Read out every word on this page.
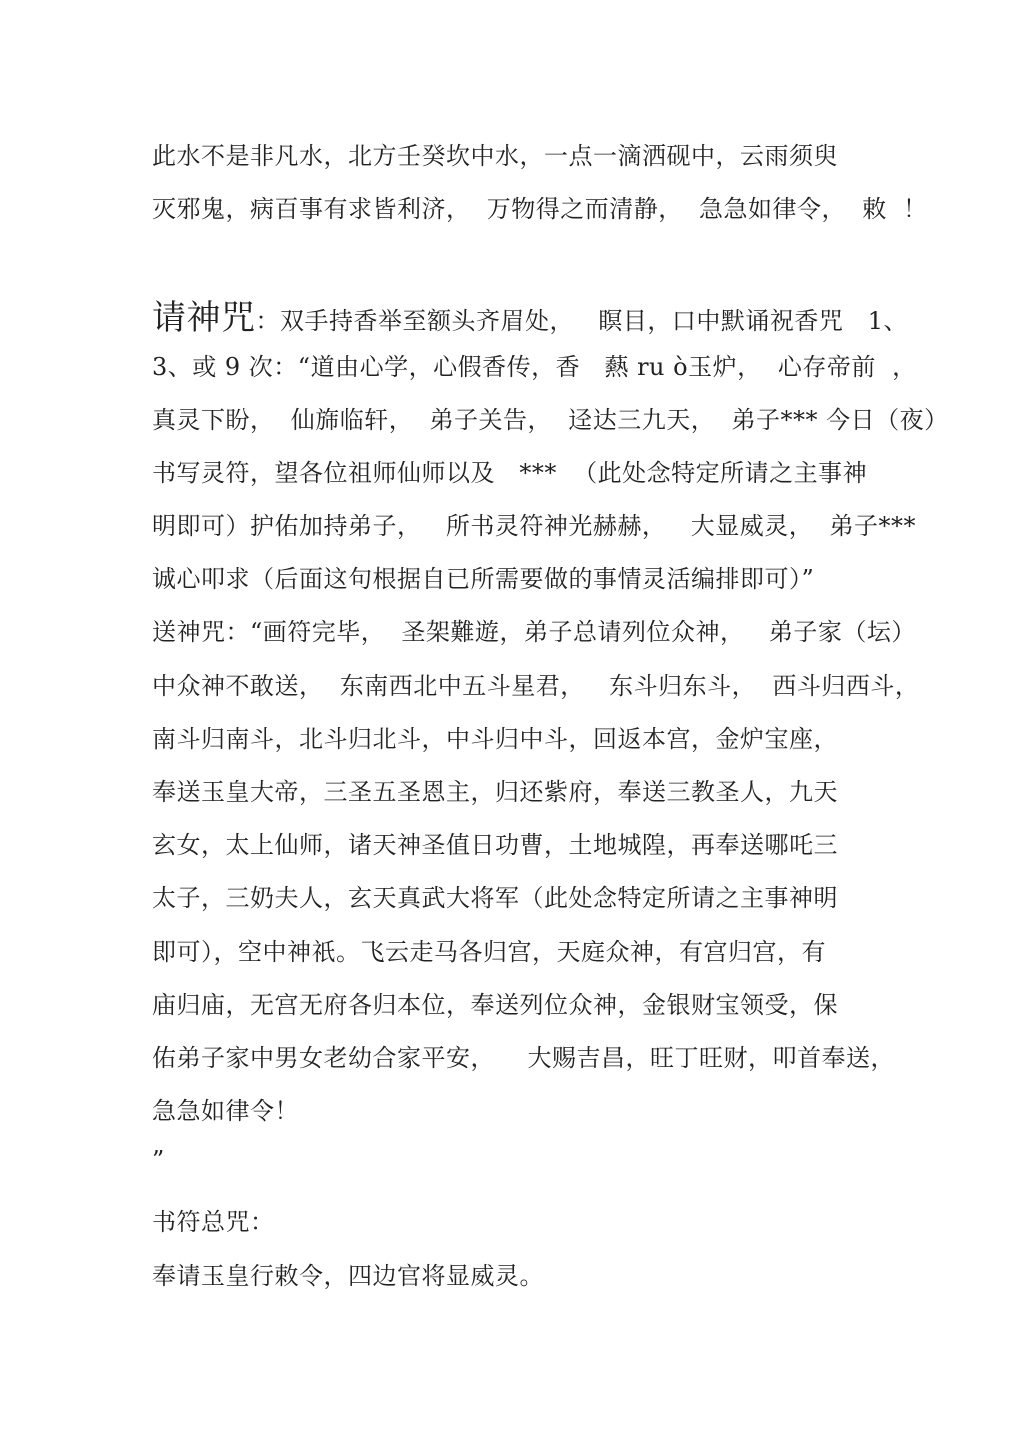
此水不是非凡水，北方壬癸坎中水，一点一滴洒砚中，云雨须臾
灭邪鬼，病百事有求皆利济，  万物得之而清静，  急急如律令，  敕  ！
请神咒：双手持香举至额头齐眉处，   瞑目，口中默诵祝香咒   1、
3、或 9 次：“道由心学，心假香传，香   爇 ru ò玉炉，  心存帝前  ，
真灵下盼，  仙旆临轩，  弟子关告，  迳达三九天，  弟子*** 今日（夜）
书写灵符，望各位祖师仙师以及   ***  （此处念特定所请之主事神
明即可）护佑加持弟子，   所书灵符神光赫赫，   大显威灵，  弟子***
诚心叩求（后面这句根据自已所需要做的事情灵活编排即可）”
送神咒：“画符完毕，  圣架難遊，弟子总请列位众神，   弟子家（坛）
中众神不敢送，  东南西北中五斗星君，   东斗归东斗，  西斗归西斗，
南斗归南斗，北斗归北斗，中斗归中斗，回返本宫，金炉宝座，
奉送玉皇大帝，三圣五圣恩主，归还紫府，奉送三教圣人，九天
玄女，太上仙师，诸天神圣值日功曹，土地城隍，再奉送哪吒三
太子，三奶夫人，玄天真武大将军（此处念特定所请之主事神明
即可），空中神祇。飞云走马各归宫，天庭众神，有宫归宫，有
庙归庙，无宫无府各归本位，奉送列位众神，金银财宝领受，保
佑弟子家中男女老幼合家平安，    大赐吉昌，旺丁旺财，叩首奉送，
急急如律令！
”
书符总咒：
奉请玉皇行敕令，四边官将显威灵。
